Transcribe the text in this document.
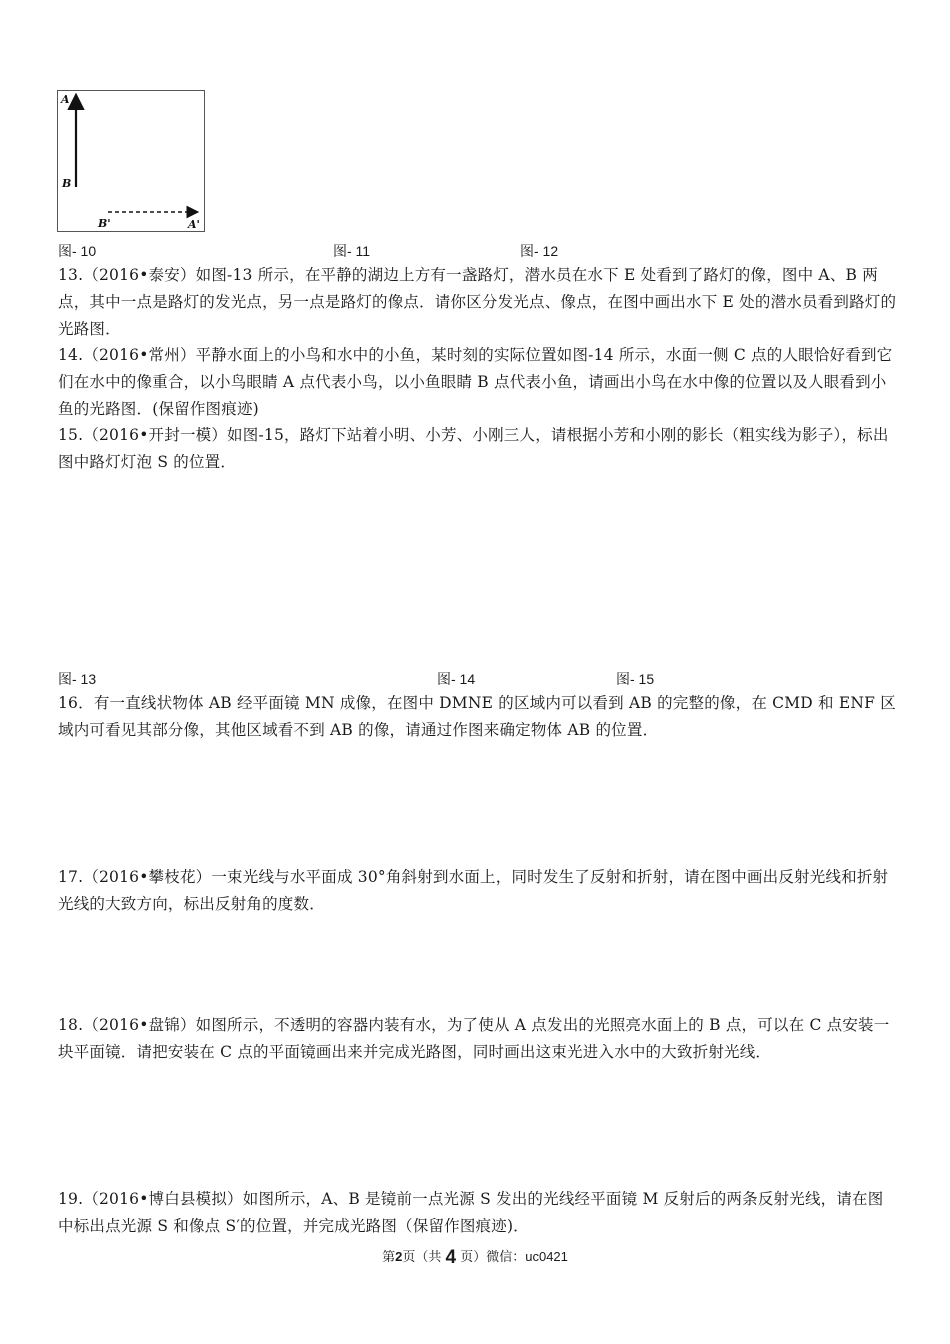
A
B
B'	A'
图- 10	图- 11	图- 12
13.（2016•泰安）如图-13 所示，在平静的湖边上方有一盏路灯，潜水员在水下 E 处看到了路灯的像，图中 A、B 两点，其中一点是路灯的发光点，另一点是路灯的像点．请你区分发光点、像点，在图中画出水下 E 处的潜水员看到路灯的光路图．
14.（2016•常州）平静水面上的小鸟和水中的小鱼，某时刻的实际位置如图-14 所示，水面一侧 C 点的人眼恰好看到它们在水中的像重合，以小鸟眼睛 A 点代表小鸟，以小鱼眼睛 B 点代表小鱼，请画出小鸟在水中像的位置以及人眼看到小鱼的光路图．(保留作图痕迹)
15.（2016•开封一模）如图-15，路灯下站着小明、小芳、小刚三人，请根据小芳和小刚的影长（粗实线为影子），标出图中路灯灯泡 S 的位置．
图- 13	图- 14	图- 15
16．有一直线状物体 AB 经平面镜 MN 成像，在图中 DMNE 的区域内可以看到 AB 的完整的像，在 CMD 和 ENF 区域内可看见其部分像，其他区域看不到 AB 的像，请通过作图来确定物体 AB 的位置．
17.（2016•攀枝花）一束光线与水平面成 30°角斜射到水面上，同时发生了反射和折射，请在图中画出反射光线和折射光线的大致方向，标出反射角的度数．
18.（2016•盘锦）如图所示，不透明的容器内装有水，为了使从 A 点发出的光照亮水面上的 B 点，可以在 C 点安装一块平面镜．请把安装在 C 点的平面镜画出来并完成光路图，同时画出这束光进入水中的大致折射光线．
19.（2016•博白县模拟）如图所示，A、B 是镜前一点光源 S 发出的光线经平面镜 M 反射后的两条反射光线，请在图中标出点光源 S 和像点 S′的位置，并完成光路图（保留作图痕迹)．
第2页（共 4 页）微信：uc0421
